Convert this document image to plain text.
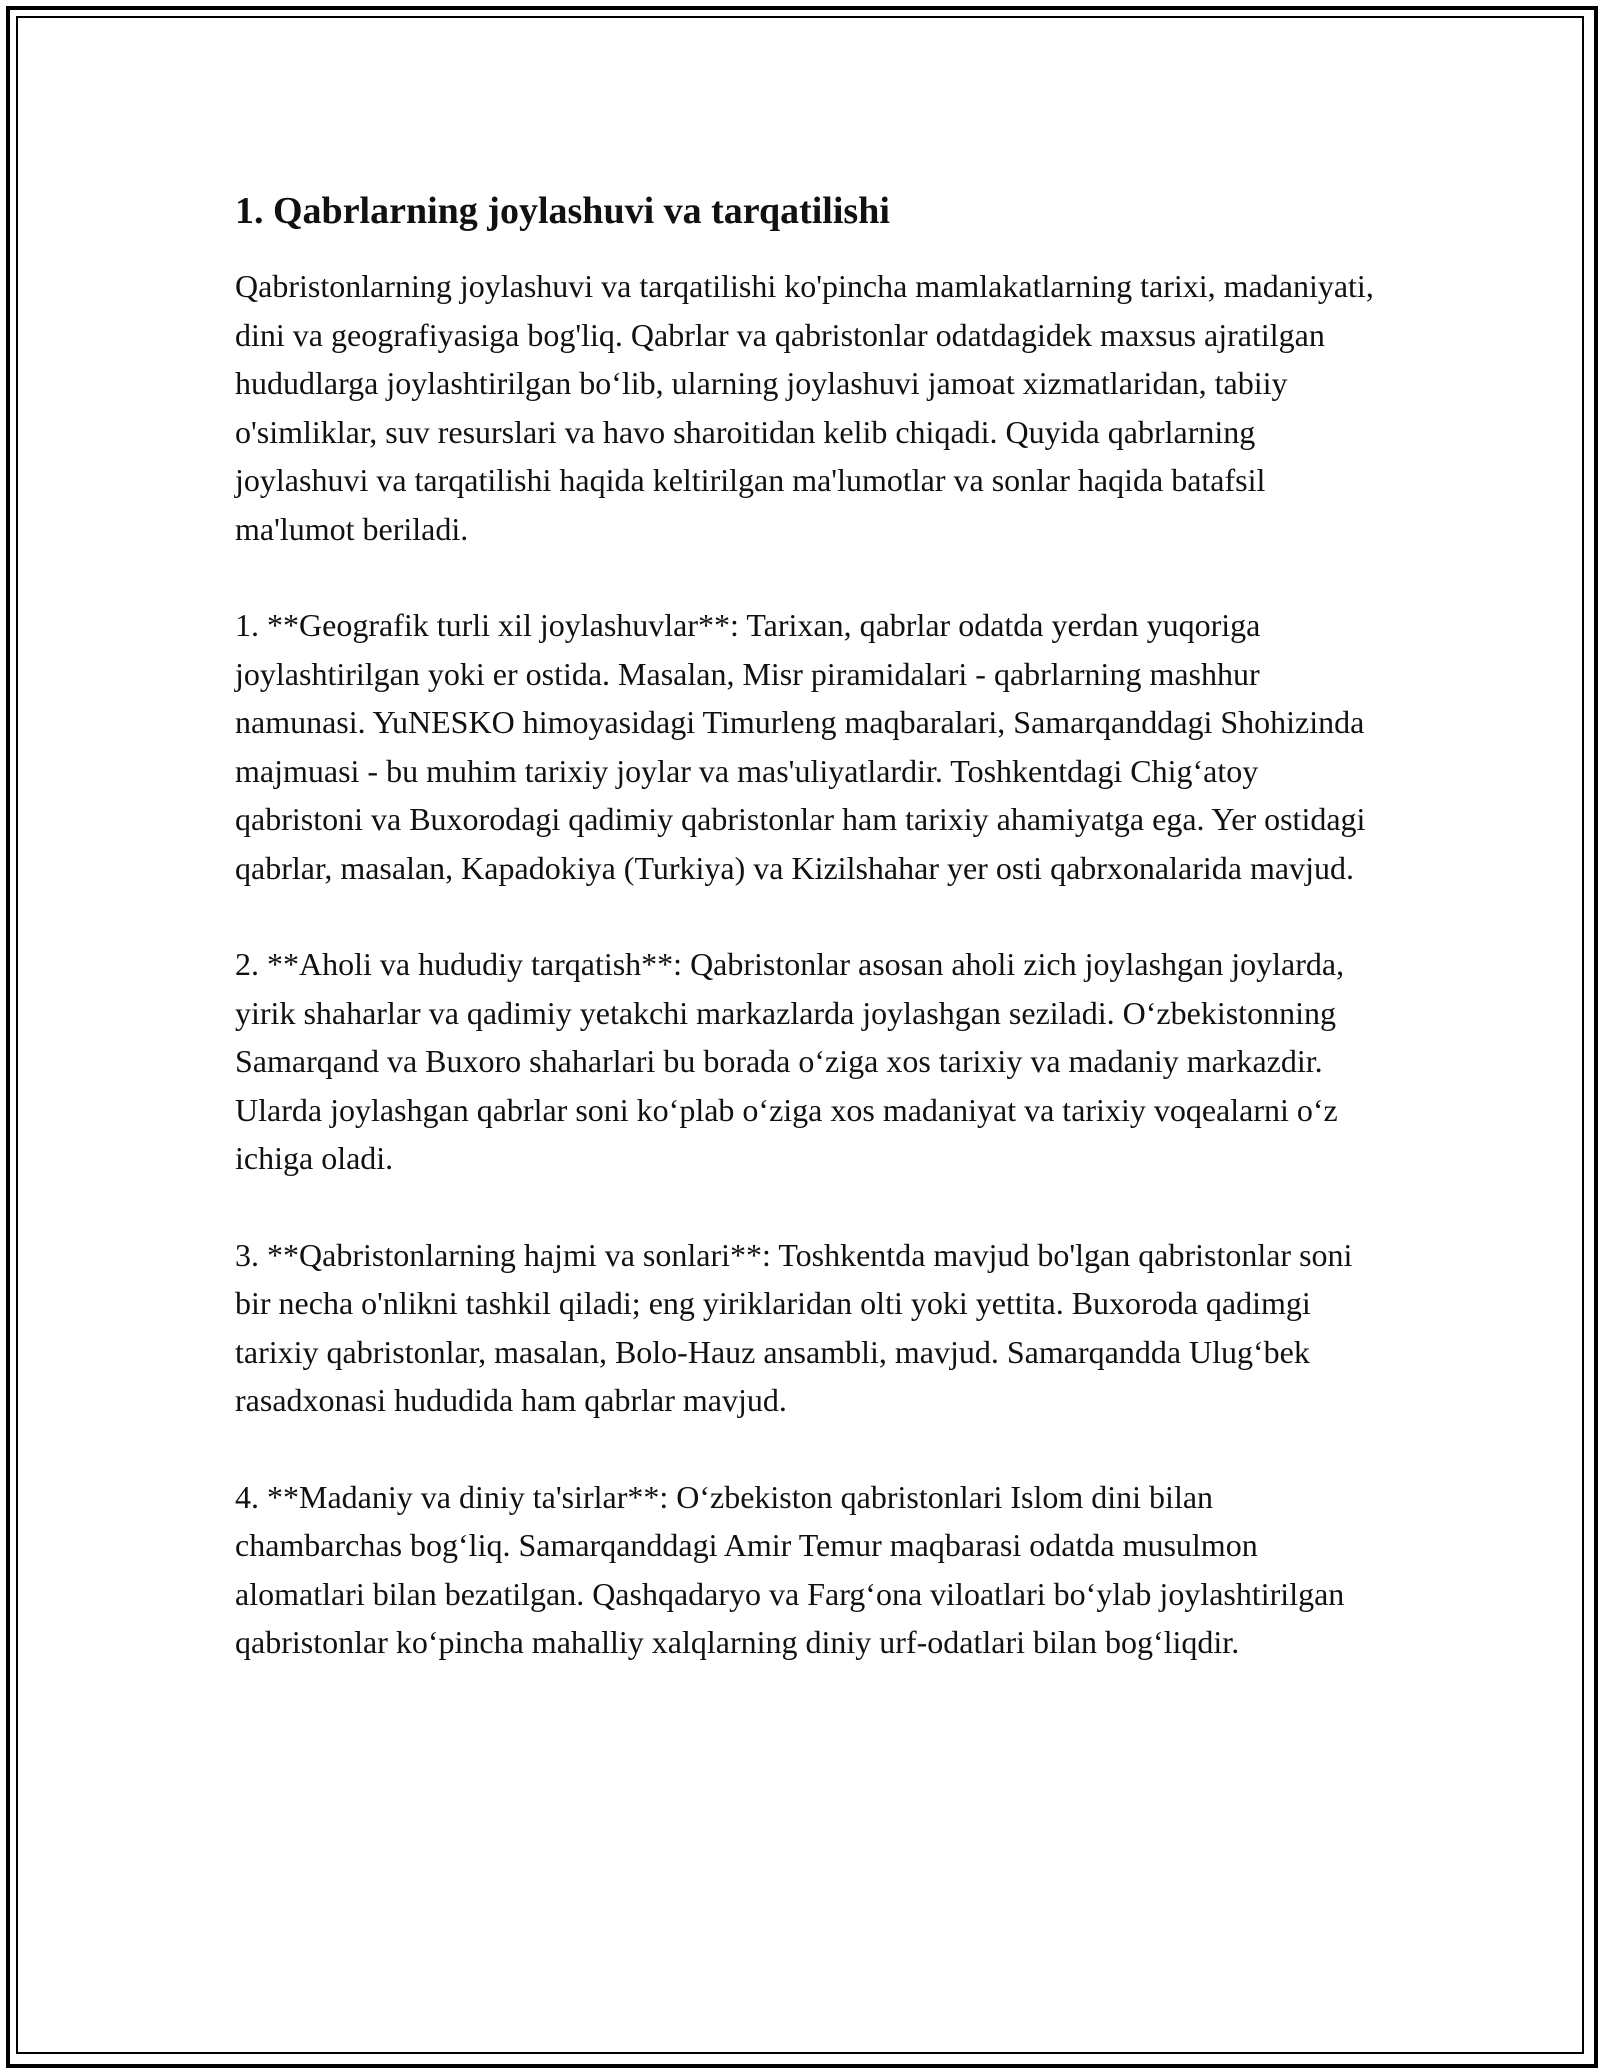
1. Qabrlarning joylashuvi va tarqatilishi

Qabristonlarning joylashuvi va tarqatilishi ko'pincha mamlakatlarning tarixi, madaniyati, dini va geografiyasiga bog'liq. Qabrlar va qabristonlar odatdagidek maxsus ajratilgan hududlarga joylashtirilgan bo‘lib, ularning joylashuvi jamoat xizmatlaridan, tabiiy o'simliklar, suv resurslari va havo sharoitidan kelib chiqadi. Quyida qabrlarning joylashuvi va tarqatilishi haqida keltirilgan ma'lumotlar va sonlar haqida batafsil ma'lumot beriladi.

1. **Geografik turli xil joylashuvlar**: Tarixan, qabrlar odatda yerdan yuqoriga joylashtirilgan yoki er ostida. Masalan, Misr piramidalari - qabrlarning mashhur namunasi. YuNESKO himoyasidagi Timurleng maqbaralari, Samarqanddagi Shohizinda majmuasi - bu muhim tarixiy joylar va mas'uliyatlardir. Toshkentdagi Chig‘atoy qabristoni va Buxorodagi qadimiy qabristonlar ham tarixiy ahamiyatga ega. Yer ostidagi qabrlar, masalan, Kapadokiya (Turkiya) va Kizilshahar yer osti qabrxonalarida mavjud.

2. **Aholi va hududiy tarqatish**: Qabristonlar asosan aholi zich joylashgan joylarda, yirik shaharlar va qadimiy yetakchi markazlarda joylashgan seziladi. O‘zbekistonning Samarqand va Buxoro shaharlari bu borada o‘ziga xos tarixiy va madaniy markazdir. Ularda joylashgan qabrlar soni ko‘plab o‘ziga xos madaniyat va tarixiy voqealarni o‘z ichiga oladi.

3. **Qabristonlarning hajmi va sonlari**: Toshkentda mavjud bo'lgan qabristonlar soni bir necha o'nlikni tashkil qiladi; eng yiriklaridan olti yoki yettita. Buxoroda qadimgi tarixiy qabristonlar, masalan, Bolo-Hauz ansambli, mavjud. Samarqandda Ulug‘bek rasadxonasi hududida ham qabrlar mavjud.

4. **Madaniy va diniy ta'sirlar**: O‘zbekiston qabristonlari Islom dini bilan chambarchas bog‘liq. Samarqanddagi Amir Temur maqbarasi odatda musulmon alomatlari bilan bezatilgan. Qashqadaryo va Farg‘ona viloatlari bo‘ylab joylashtirilgan qabristonlar ko‘pincha mahalliy xalqlarning diniy urf-odatlari bilan bog‘liqdir.
